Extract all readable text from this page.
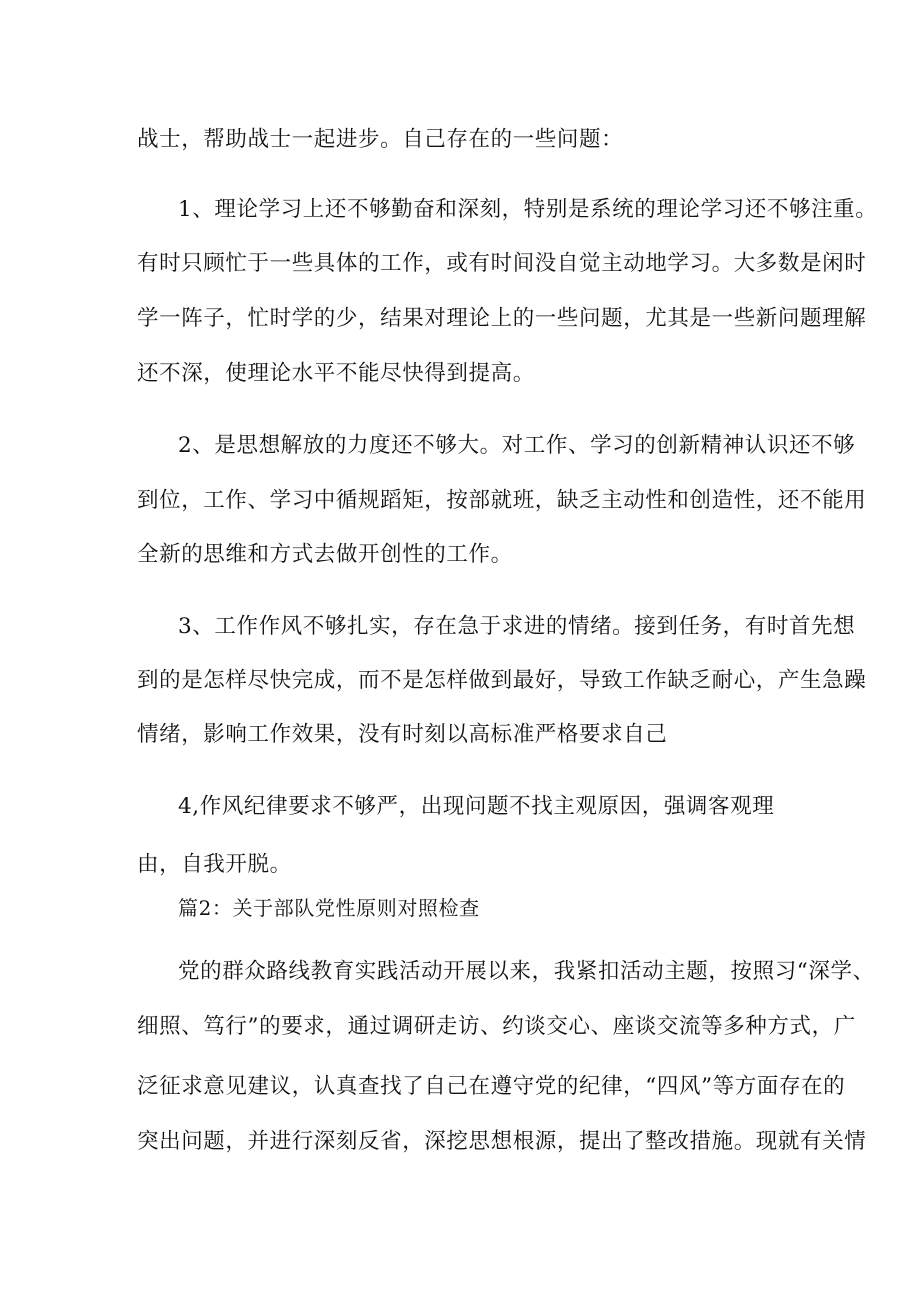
战士，帮助战士一起进步。自己存在的一些问题：
1、理论学习上还不够勤奋和深刻，特别是系统的理论学习还不够注重。
有时只顾忙于一些具体的工作，或有时间没自觉主动地学习。大多数是闲时
学一阵子，忙时学的少，结果对理论上的一些问题，尤其是一些新问题理解
还不深，使理论水平不能尽快得到提高。
2、是思想解放的力度还不够大。对工作、学习的创新精神认识还不够
到位，工作、学习中循规蹈矩，按部就班，缺乏主动性和创造性，还不能用
全新的思维和方式去做开创性的工作。
3、工作作风不够扎实，存在急于求进的情绪。接到任务，有时首先想
到的是怎样尽快完成，而不是怎样做到最好，导致工作缺乏耐心，产生急躁
情绪，影响工作效果，没有时刻以高标准严格要求自己
4,作风纪律要求不够严，出现问题不找主观原因，强调客观理
由，自我开脱。
篇2：关于部队党性原则对照检查
党的群众路线教育实践活动开展以来，我紧扣活动主题，按照习“深学、
细照、笃行”的要求，通过调研走访、约谈交心、座谈交流等多种方式，广
泛征求意见建议，认真查找了自己在遵守党的纪律，“四风”等方面存在的
突出问题，并进行深刻反省，深挖思想根源，提出了整改措施。现就有关情
